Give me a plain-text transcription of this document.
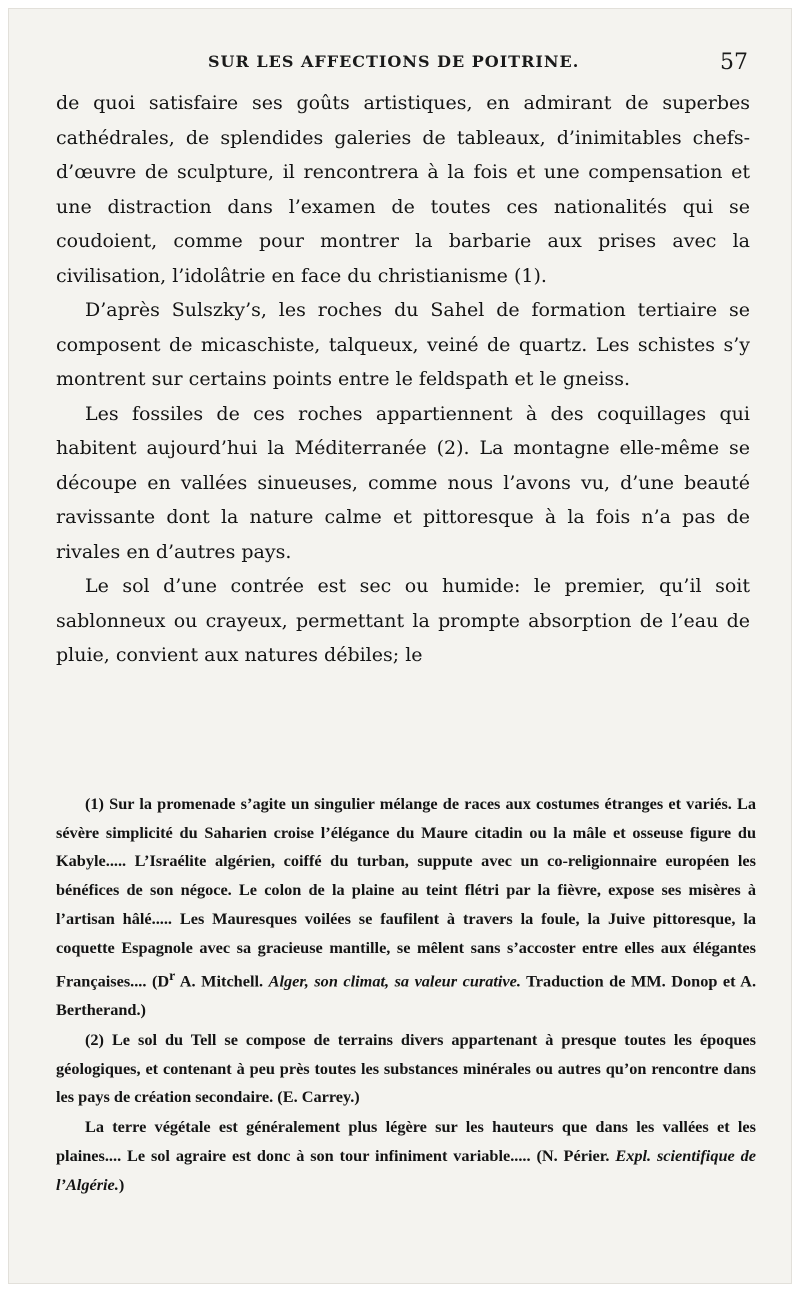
SUR LES AFFECTIONS DE POITRINE.	57

de quoi satisfaire ses goûts artistiques, en admirant de superbes cathédrales, de splendides galeries de tableaux, d’inimitables chefs-d’œuvre de sculpture, il rencontrera à la fois et une compensation et une distraction dans l’examen de toutes ces nationalités qui se coudoient, comme pour montrer la barbarie aux prises avec la civilisation, l’idolâtrie en face du christianisme (1).

D’après Sulszky’s, les roches du Sahel de formation tertiaire se composent de micaschiste, talqueux, veiné de quartz. Les schistes s’y montrent sur certains points entre le feldspath et le gneiss.

Les fossiles de ces roches appartiennent à des coquillages qui habitent aujourd’hui la Méditerranée (2). La montagne elle-même se découpe en vallées sinueuses, comme nous l’avons vu, d’une beauté ravissante dont la nature calme et pittoresque à la fois n’a pas de rivales en d’autres pays.

Le sol d’une contrée est sec ou humide: le premier, qu’il soit sablonneux ou crayeux, permettant la prompte absorption de l’eau de pluie, convient aux natures débiles; le

(1) Sur la promenade s’agite un singulier mélange de races aux costumes étranges et variés. La sévère simplicité du Saharien croise l’élégance du Maure citadin ou la mâle et osseuse figure du Kabyle..... L’Israélite algérien, coiffé du turban, suppute avec un co-religionnaire européen les bénéfices de son négoce. Le colon de la plaine au teint flétri par la fièvre, expose ses misères à l’artisan hâlé..... Les Mauresques voilées se faufilent à travers la foule, la Juive pittoresque, la coquette Espagnole avec sa gracieuse mantille, se mêlent sans s’accoster entre elles aux élégantes Françaises.... ($D^r$ A. Mitchell. Alger, son climat, sa valeur curative. Traduction de MM. Donop et A. Bertherand.)

(2) Le sol du Tell se compose de terrains divers appartenant à presque toutes les époques géologiques, et contenant à peu près toutes les substances minérales ou autres qu’on rencontre dans les pays de création secondaire. (E. Carrey.)

La terre végétale est généralement plus légère sur les hauteurs que dans les vallées et les plaines.... Le sol agraire est donc à son tour infiniment variable..... (N. Périer. Expl. scientifique de l’Algérie.)
